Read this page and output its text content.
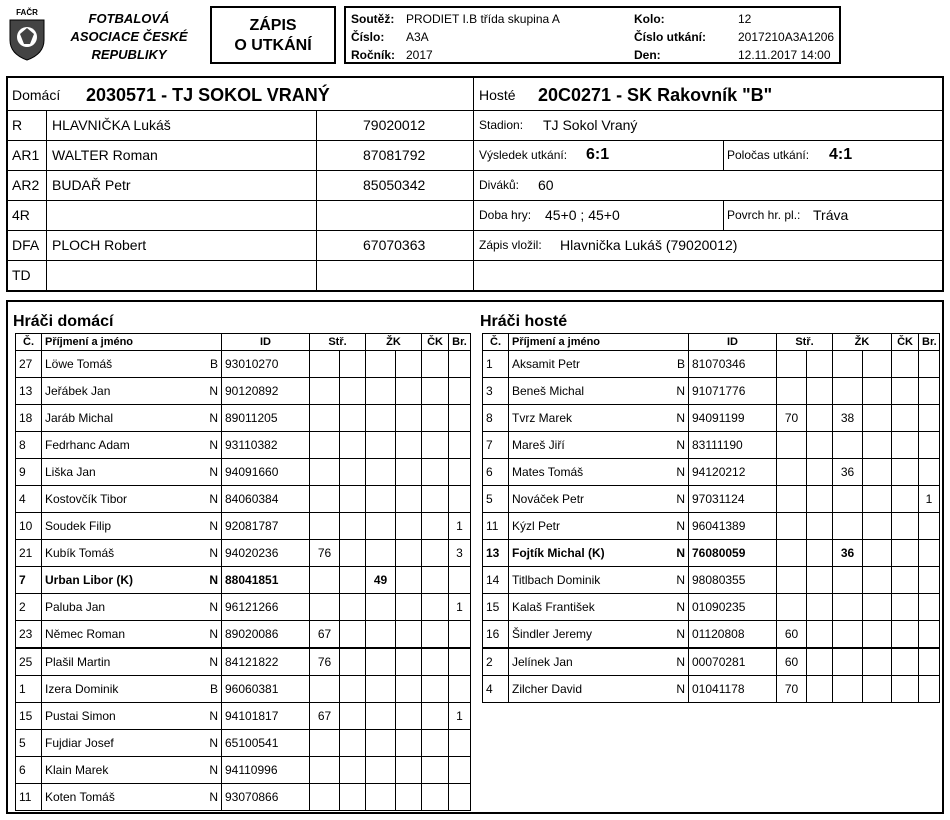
FAČR	FOTBALOVÁ
ASOCIACE ČESKÉ
REPUBLIKY
ZÁPIS
O UTKÁNÍ
Soutěž: PRODIET I.B třída skupina A
Číslo: A3A
Ročník: 2017
Kolo:	12
Číslo utkání:	2017210A3A1206
Den:	12.11.2017 14:00
Domácí 2030571 - TJ SOKOL VRANÝ	Hosté 20C0271 - SK Rakovník "B"
R HLAVNIČKA Lukáš	79020012
AR1 WALTER Roman	87081792
AR2 BUDAŘ Petr	85050342
4R
DFA PLOCH Robert	67070363
TD
Stadion: TJ Sokol Vraný
Výsledek utkání: 6:1	Poločas utkání: 4:1
Diváků: 60
Doba hry: 45+0 ; 45+0	Povrch hr. pl.: Tráva
Zápis vložil: Hlavnička Lukáš (79020012)
Hráči domácí	Hráči hosté
Č.	Příjmení a jméno		ID	Stř.		ŽK		ČK	Br.
27	Löwe Tomáš	B	93010270						
13	Jeřábek Jan	N	90120892						
18	Jaráb Michal	N	89011205						
8	Fedrhanc Adam	N	93110382						
9	Liška Jan	N	94091660						
4	Kostovčík Tibor	N	84060384						
10	Soudek Filip	N	92081787						1
21	Kubík Tomáš	N	94020236	76					3
7	Urban Libor (K)	N	88041851			49			
2	Paluba Jan	N	96121266						1
23	Němec Roman	N	89020086	67					
25	Plašil Martin	N	84121822	76					
1	Izera Dominik	B	96060381						
15	Pustai Simon	N	94101817	67					1
5	Fujdiar Josef	N	65100541						
6	Klain Marek	N	94110996						
11	Koten Tomáš	N	93070866						
Č.	Příjmení a jméno		ID	Stř.		ŽK		ČK	Br.
1	Aksamit Petr	B	81070346						
3	Beneš Michal	N	91071776						
8	Tvrz Marek	N	94091199	70		38			
7	Mareš Jiří	N	83111190						
6	Mates Tomáš	N	94120212			36			
5	Nováček Petr	N	97031124						1
11	Kýzl Petr	N	96041389						
13	Fojtík Michal (K)	N	76080059			36			
14	Titlbach Dominik	N	98080355						
15	Kalaš František	N	01090235						
16	Šindler Jeremy	N	01120808	60					
2	Jelínek Jan	N	00070281	60					
4	Zilcher David	N	01041178	70					
